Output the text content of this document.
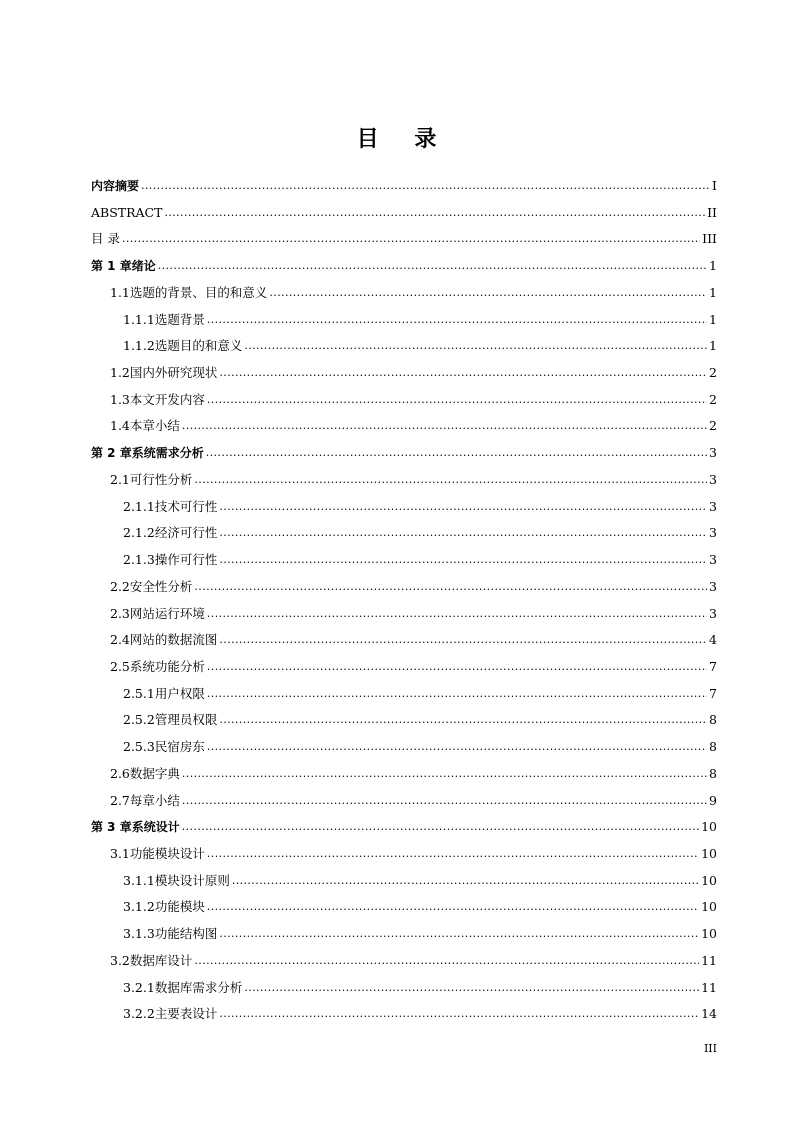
目 录
内容摘要 .....	I
ABSTRACT .....	II
目 录 .....	III
第 1 章 绪论 .....	1
1.1 选题的背景、目的和意义 .....	1
1.1.1 选题背景 .....	1
1.1.2 选题目的和意义 .....	1
1.2 国内外研究现状 .....	2
1.3 本文开发内容 .....	2
1.4 本章小结 .....	2
第 2 章 系统需求分析 .....	3
2.1 可行性分析 .....	3
2.1.1 技术可行性 .....	3
2.1.2 经济可行性 .....	3
2.1.3 操作可行性 .....	3
2.2 安全性分析 .....	3
2.3 网站运行环境 .....	3
2.4 网站的数据流图 .....	4
2.5 系统功能分析 .....	7
2.5.1 用户权限 .....	7
2.5.2 管理员权限 .....	8
2.5.3 民宿房东 .....	8
2.6 数据字典 .....	8
2.7 每章小结 .....	9
第 3 章 系统设计 .....	10
3.1 功能模块设计 .....	10
3.1.1 模块设计原则 .....	10
3.1.2 功能模块 .....	10
3.1.3 功能结构图 .....	10
3.2 数据库设计 .....	11
3.2.1 数据库需求分析 .....	11
3.2.2 主要表设计 .....	14
III
